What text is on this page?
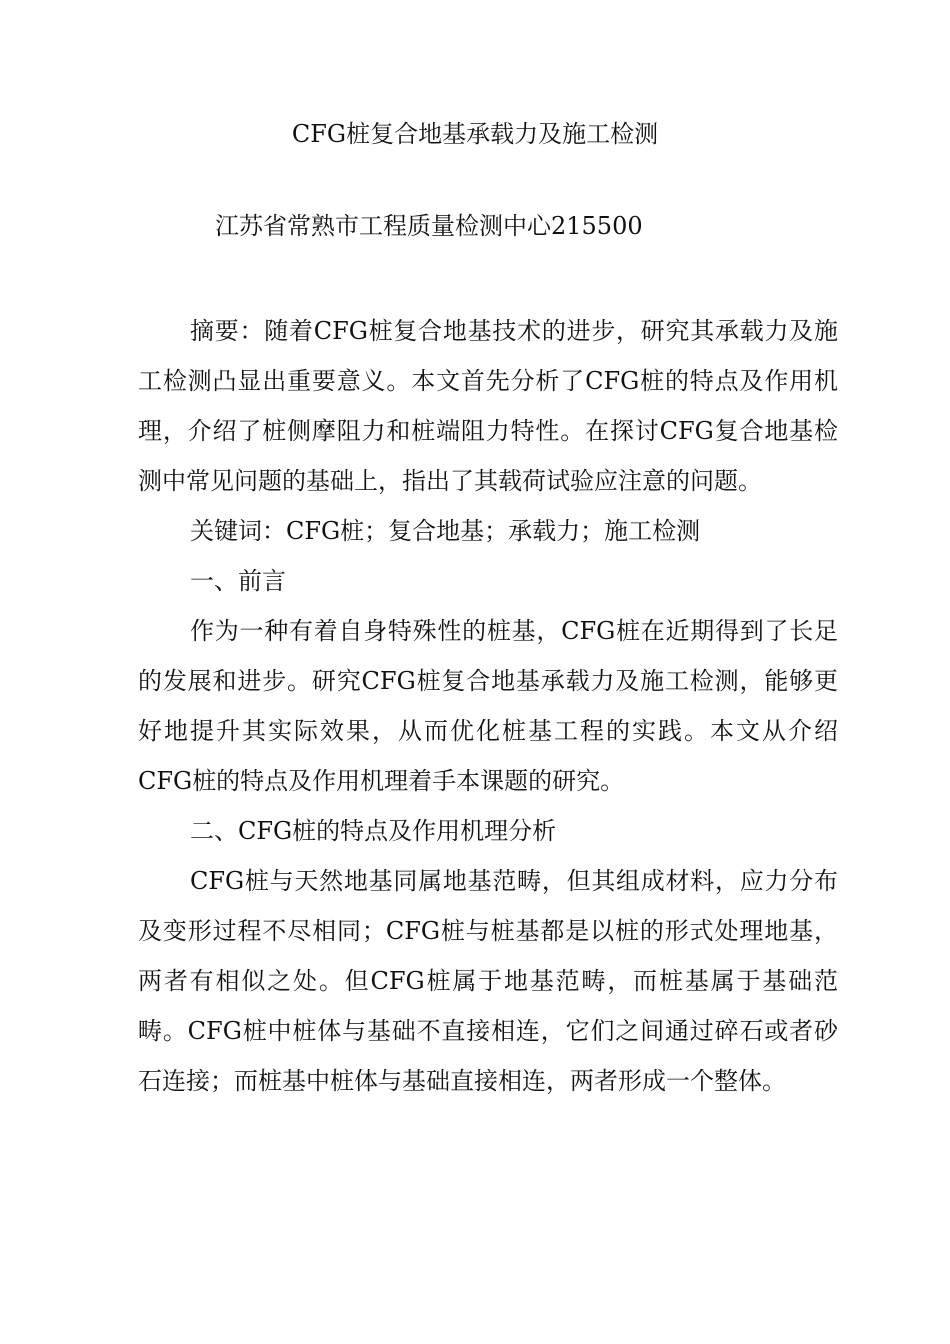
CFG桩复合地基承载力及施工检测

江苏省常熟市工程质量检测中心215500

摘要：随着CFG桩复合地基技术的进步，研究其承载力及施工检测凸显出重要意义。本文首先分析了CFG桩的特点及作用机理，介绍了桩侧摩阻力和桩端阻力特性。在探讨CFG复合地基检测中常见问题的基础上，指出了其载荷试验应注意的问题。

关键词：CFG桩；复合地基；承载力；施工检测

一、前言

作为一种有着自身特殊性的桩基，CFG桩在近期得到了长足的发展和进步。研究CFG桩复合地基承载力及施工检测，能够更好地提升其实际效果，从而优化桩基工程的实践。本文从介绍CFG桩的特点及作用机理着手本课题的研究。

二、CFG桩的特点及作用机理分析

CFG桩与天然地基同属地基范畴，但其组成材料，应力分布及变形过程不尽相同；CFG桩与桩基都是以桩的形式处理地基，两者有相似之处。但CFG桩属于地基范畴，而桩基属于基础范畴。CFG桩中桩体与基础不直接相连，它们之间通过碎石或者砂石连接；而桩基中桩体与基础直接相连，两者形成一个整体。
